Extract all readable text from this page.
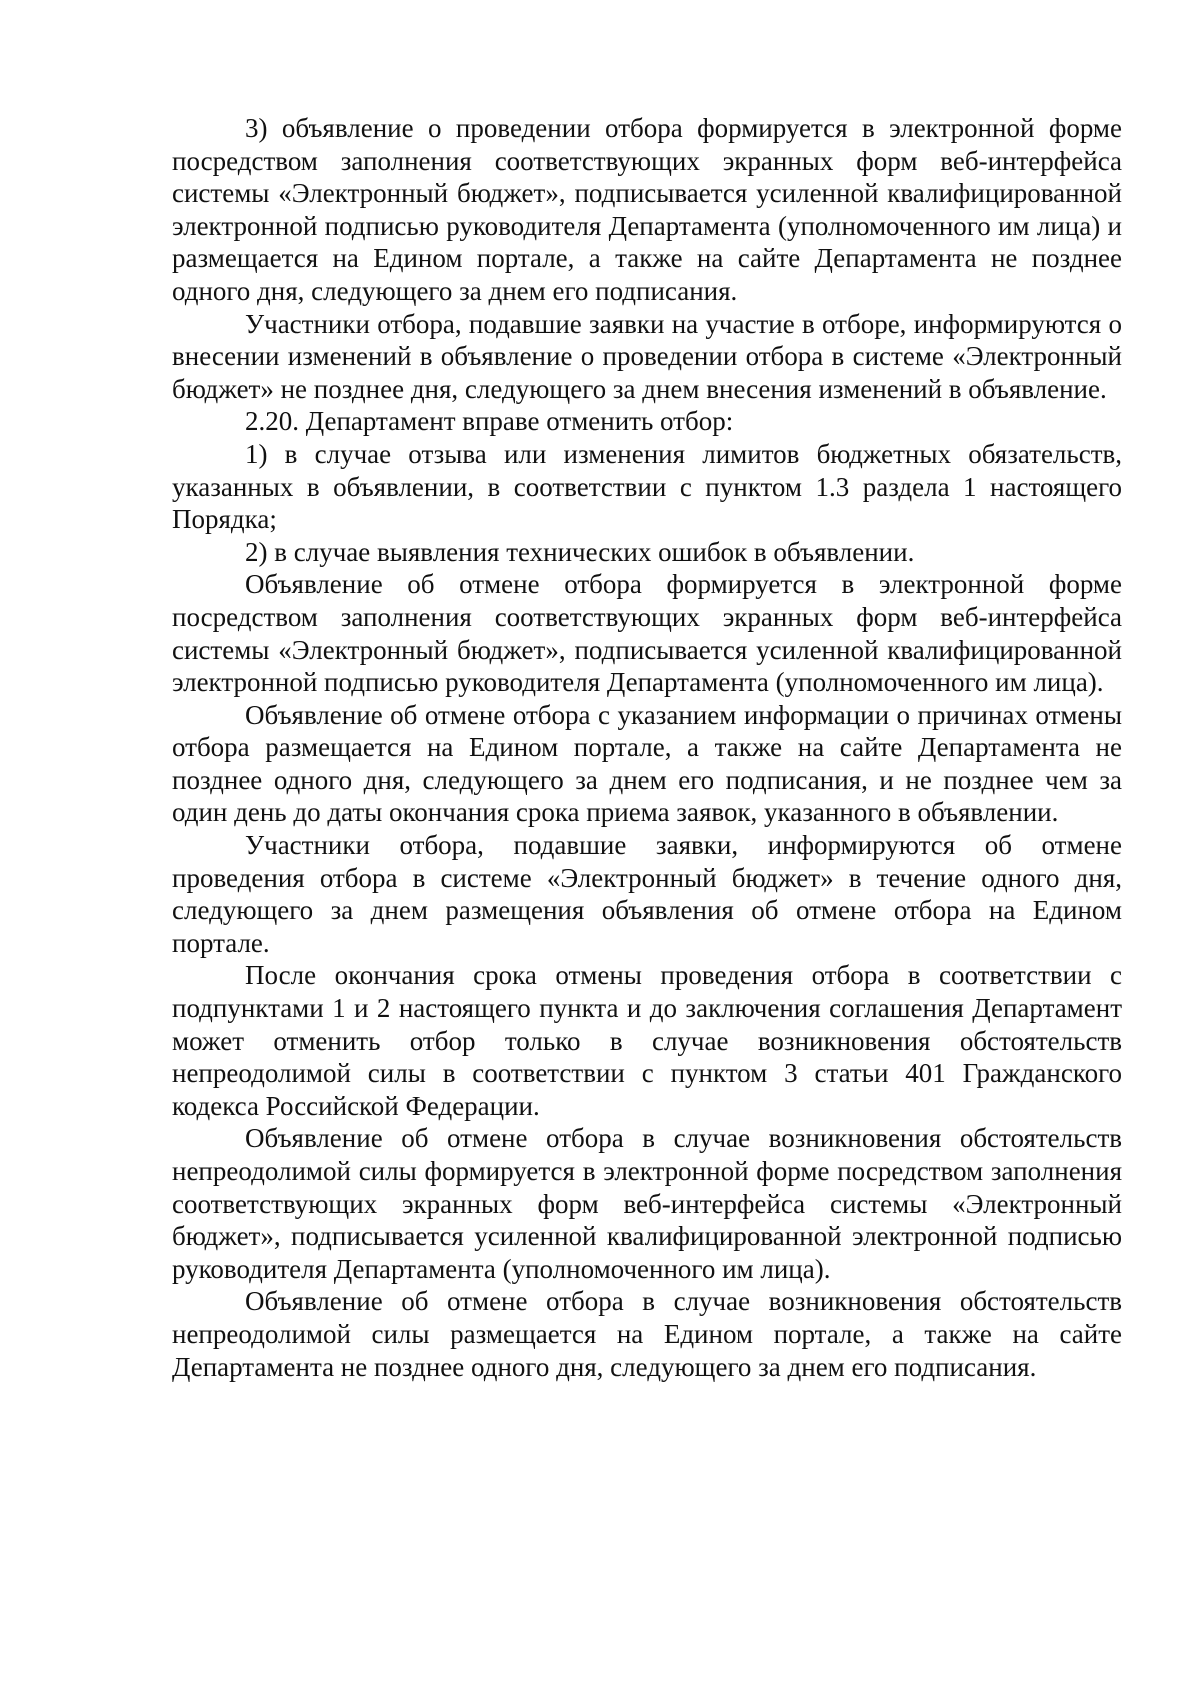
3) объявление о проведении отбора формируется в электронной форме посредством заполнения соответствующих экранных форм веб-интерфейса системы «Электронный бюджет», подписывается усиленной квалифицированной электронной подписью руководителя Департамента (уполномоченного им лица) и размещается на Едином портале, а также на сайте Департамента не позднее одного дня, следующего за днем его подписания.

Участники отбора, подавшие заявки на участие в отборе, информируются о внесении изменений в объявление о проведении отбора в системе «Электронный бюджет» не позднее дня, следующего за днем внесения изменений в объявление.

2.20. Департамент вправе отменить отбор:

1) в случае отзыва или изменения лимитов бюджетных обязательств, указанных в объявлении, в соответствии с пунктом 1.3 раздела 1 настоящего Порядка;

2) в случае выявления технических ошибок в объявлении.

Объявление об отмене отбора формируется в электронной форме посредством заполнения соответствующих экранных форм веб-интерфейса системы «Электронный бюджет», подписывается усиленной квалифицированной электронной подписью руководителя Департамента (уполномоченного им лица).

Объявление об отмене отбора с указанием информации о причинах отмены отбора размещается на Едином портале, а также на сайте Департамента не позднее одного дня, следующего за днем его подписания, и не позднее чем за один день до даты окончания срока приема заявок, указанного в объявлении.

Участники отбора, подавшие заявки, информируются об отмене проведения отбора в системе «Электронный бюджет» в течение одного дня, следующего за днем размещения объявления об отмене отбора на Едином портале.

После окончания срока отмены проведения отбора в соответствии с подпунктами 1 и 2 настоящего пункта и до заключения соглашения Департамент может отменить отбор только в случае возникновения обстоятельств непреодолимой силы в соответствии с пунктом 3 статьи 401 Гражданского кодекса Российской Федерации.

Объявление об отмене отбора в случае возникновения обстоятельств непреодолимой силы формируется в электронной форме посредством заполнения соответствующих экранных форм веб-интерфейса системы «Электронный бюджет», подписывается усиленной квалифицированной электронной подписью руководителя Департамента (уполномоченного им лица).

Объявление об отмене отбора в случае возникновения обстоятельств непреодолимой силы размещается на Едином портале, а также на сайте Департамента не позднее одного дня, следующего за днем его подписания.
